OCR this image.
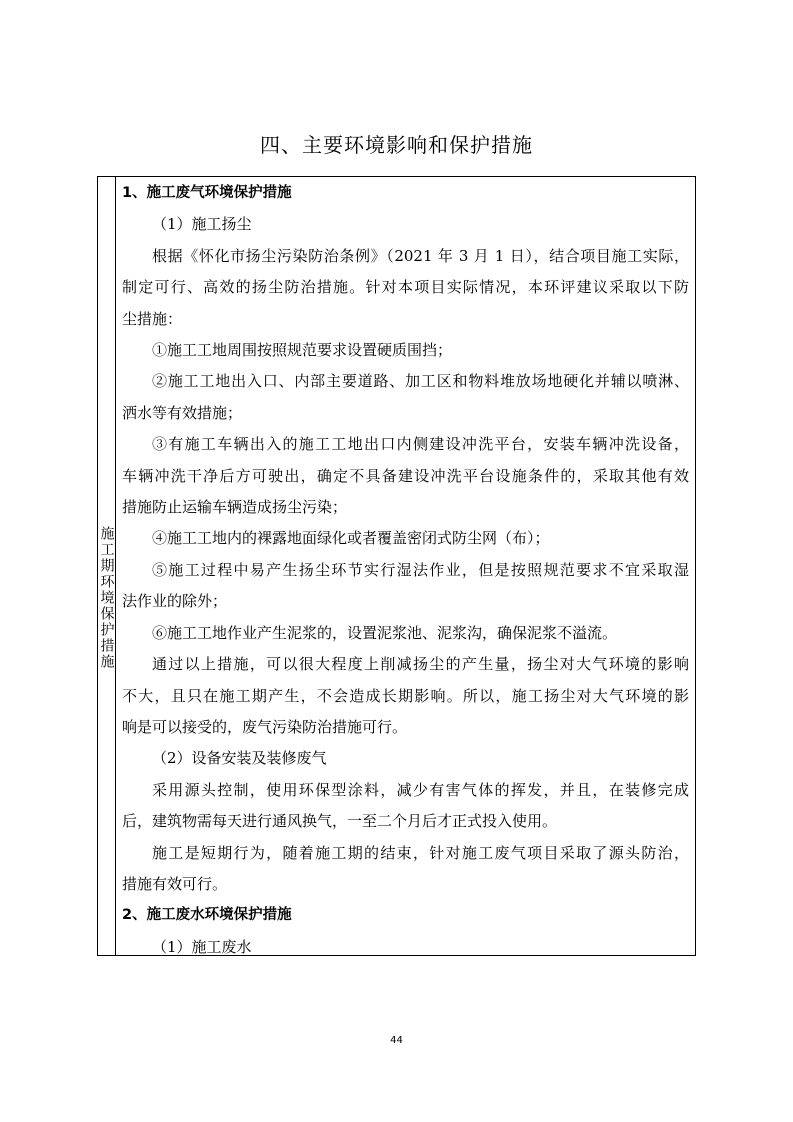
四、主要环境影响和保护措施
施工期环境保护措施
1、施工废气环境保护措施
（1）施工扬尘
根据《怀化市扬尘污染防治条例》（2021 年 3 月 1 日），结合项目施工实际，
制定可行、高效的扬尘防治措施。针对本项目实际情况，本环评建议采取以下防
尘措施：
①施工工地周围按照规范要求设置硬质围挡；
②施工工地出入口、内部主要道路、加工区和物料堆放场地硬化并辅以喷淋、
洒水等有效措施；
③有施工车辆出入的施工工地出口内侧建设冲洗平台，安装车辆冲洗设备，
车辆冲洗干净后方可驶出，确定不具备建设冲洗平台设施条件的，采取其他有效
措施防止运输车辆造成扬尘污染；
④施工工地内的裸露地面绿化或者覆盖密闭式防尘网（布）；
⑤施工过程中易产生扬尘环节实行湿法作业，但是按照规范要求不宜采取湿
法作业的除外；
⑥施工工地作业产生泥浆的，设置泥浆池、泥浆沟，确保泥浆不溢流。
通过以上措施，可以很大程度上削减扬尘的产生量，扬尘对大气环境的影响
不大，且只在施工期产生，不会造成长期影响。所以，施工扬尘对大气环境的影
响是可以接受的，废气污染防治措施可行。
（2）设备安装及装修废气
采用源头控制，使用环保型涂料，减少有害气体的挥发，并且，在装修完成
后，建筑物需每天进行通风换气，一至二个月后才正式投入使用。
施工是短期行为，随着施工期的结束，针对施工废气项目采取了源头防治，
措施有效可行。
2、施工废水环境保护措施
（1）施工废水
44
